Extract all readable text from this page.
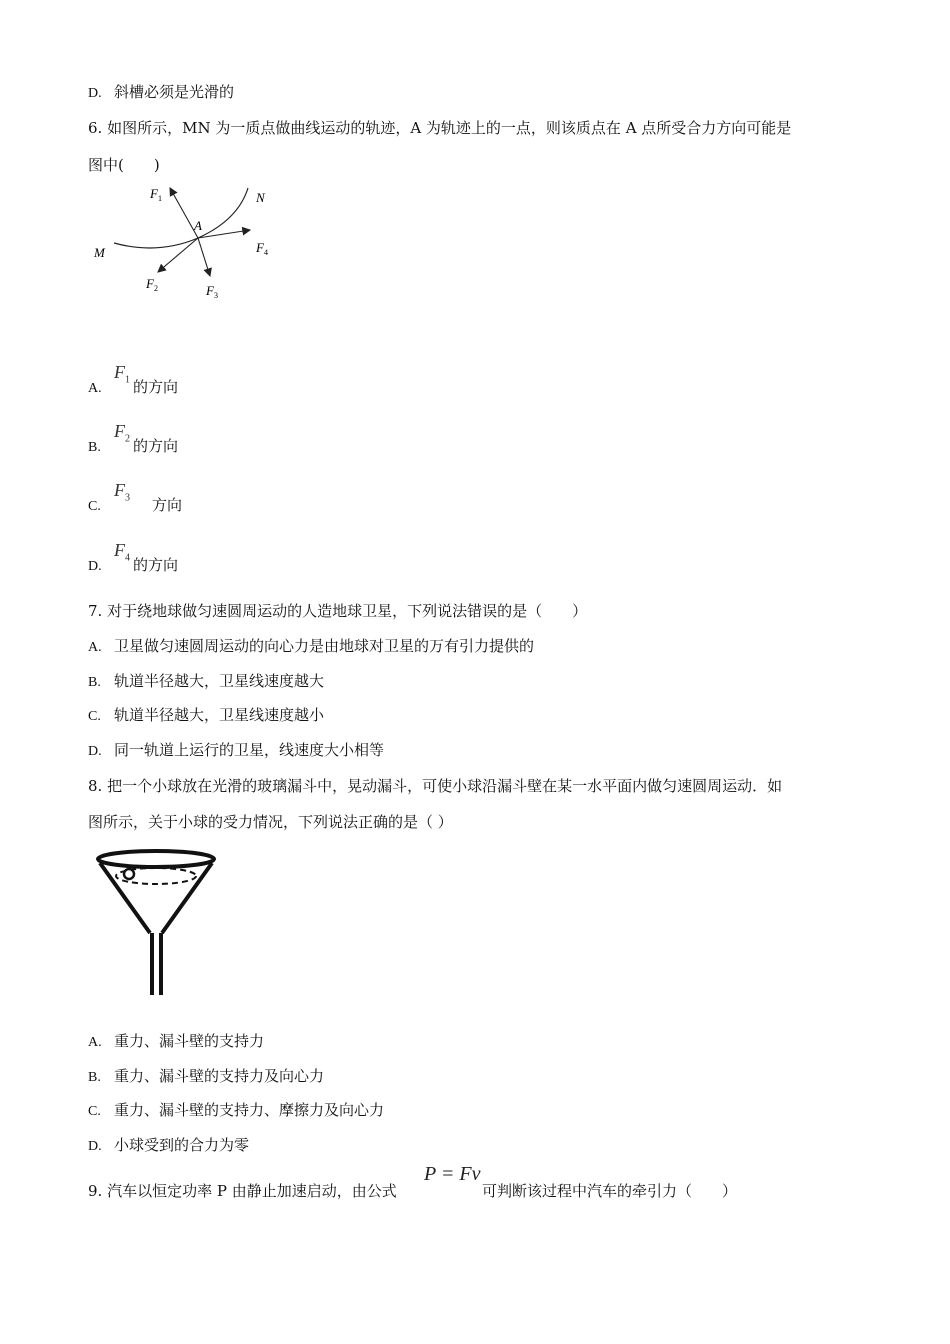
D. 斜槽必须是光滑的
6. 如图所示，MN 为一质点做曲线运动的轨迹，A 为轨迹上的一点，则该质点在 A 点所受合力方向可能是
图中(　　)
$F_1$
A
N
$F_4$
M
$F_2$	$F_3$
A.
$F_1$ 的方向
B.
$F_2$ 的方向
C.
$F_3$ 方向
D.
$F_4$ 的方向
7. 对于绕地球做匀速圆周运动的人造地球卫星，下列说法错误的是（　　）
A. 卫星做匀速圆周运动的向心力是由地球对卫星的万有引力提供的
B. 轨道半径越大，卫星线速度越大
C. 轨道半径越大，卫星线速度越小
D. 同一轨道上运行的卫星，线速度大小相等
8. 把一个小球放在光滑的玻璃漏斗中，晃动漏斗，可使小球沿漏斗壁在某一水平面内做匀速圆周运动．如
图所示，关于小球的受力情况，下列说法正确的是（ ）
A. 重力、漏斗壁的支持力
B. 重力、漏斗壁的支持力及向心力
C. 重力、漏斗壁的支持力、摩擦力及向心力
D. 小球受到的合力为零
9. 汽车以恒定功率 P 由静止加速启动，由公式
P = Fv
可判断该过程中汽车的牵引力（　　）
